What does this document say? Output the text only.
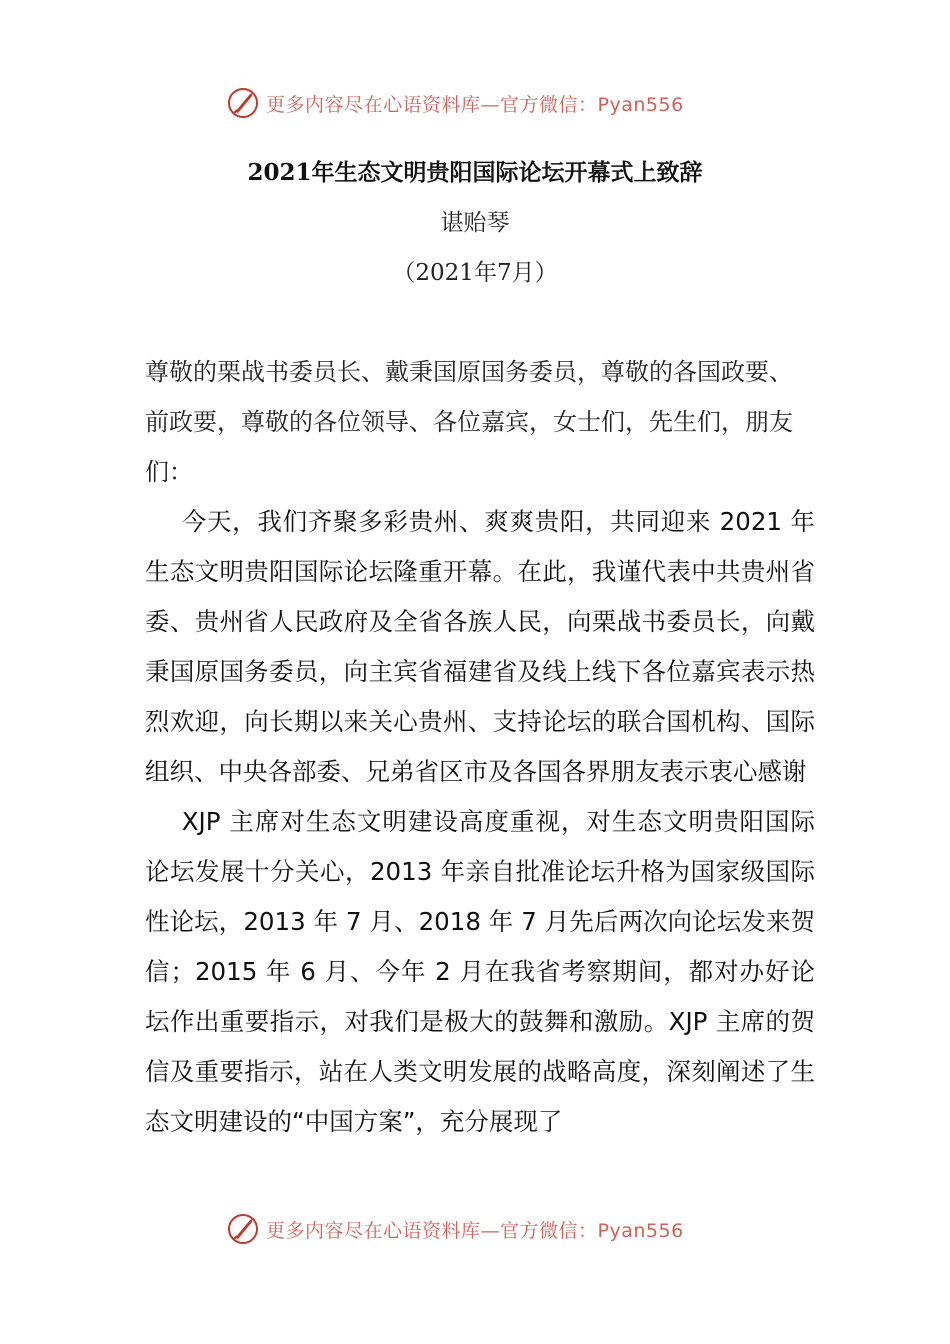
更多内容尽在心语资料库—官方微信：Pyan556
2021年生态文明贵阳国际论坛开幕式上致辞
谌贻琴
（2021年7月）

尊敬的栗战书委员长、戴秉国原国务委员，尊敬的各国政要、前政要，尊敬的各位领导、各位嘉宾，女士们，先生们，朋友们：

今天，我们齐聚多彩贵州、爽爽贵阳，共同迎来 2021 年生态文明贵阳国际论坛隆重开幕。在此，我谨代表中共贵州省委、贵州省人民政府及全省各族人民，向栗战书委员长，向戴秉国原国务委员，向主宾省福建省及线上线下各位嘉宾表示热烈欢迎，向长期以来关心贵州、支持论坛的联合国机构、国际组织、中央各部委、兄弟省区市及各国各界朋友表示衷心感谢

XJP 主席对生态文明建设高度重视，对生态文明贵阳国际论坛发展十分关心，2013 年亲自批准论坛升格为国家级国际性论坛，2013 年 7 月、2018 年 7 月先后两次向论坛发来贺信；2015 年 6 月、今年 2 月在我省考察期间，都对办好论坛作出重要指示，对我们是极大的鼓舞和激励。XJP 主席的贺信及重要指示，站在人类文明发展的战略高度，深刻阐述了生态文明建设的“中国方案”，充分展现了

更多内容尽在心语资料库—官方微信：Pyan556
